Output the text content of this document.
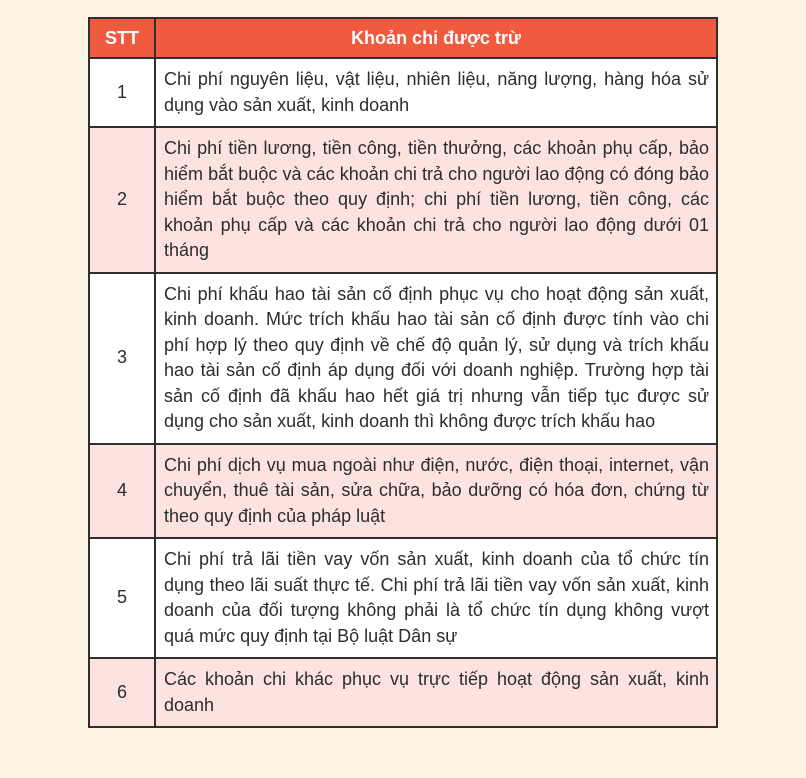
STT	Khoản chi được trừ
1	Chi phí nguyên liệu, vật liệu, nhiên liệu, năng lượng, hàng hóa sử dụng vào sản xuất, kinh doanh
2	Chi phí tiền lương, tiền công, tiền thưởng, các khoản phụ cấp, bảo hiểm bắt buộc và các khoản chi trả cho người lao động có đóng bảo hiểm bắt buộc theo quy định; chi phí tiền lương, tiền công, các khoản phụ cấp và các khoản chi trả cho người lao động dưới 01 tháng
3	Chi phí khấu hao tài sản cố định phục vụ cho hoạt động sản xuất, kinh doanh. Mức trích khấu hao tài sản cố định được tính vào chi phí hợp lý theo quy định về chế độ quản lý, sử dụng và trích khấu hao tài sản cố định áp dụng đối với doanh nghiệp. Trường hợp tài sản cố định đã khấu hao hết giá trị nhưng vẫn tiếp tục được sử dụng cho sản xuất, kinh doanh thì không được trích khấu hao
4	Chi phí dịch vụ mua ngoài như điện, nước, điện thoại, internet, vận chuyển, thuê tài sản, sửa chữa, bảo dưỡng có hóa đơn, chứng từ theo quy định của pháp luật
5	Chi phí trả lãi tiền vay vốn sản xuất, kinh doanh của tổ chức tín dụng theo lãi suất thực tế. Chi phí trả lãi tiền vay vốn sản xuất, kinh doanh của đối tượng không phải là tổ chức tín dụng không vượt quá mức quy định tại Bộ luật Dân sự
6	Các khoản chi khác phục vụ trực tiếp hoạt động sản xuất, kinh doanh
